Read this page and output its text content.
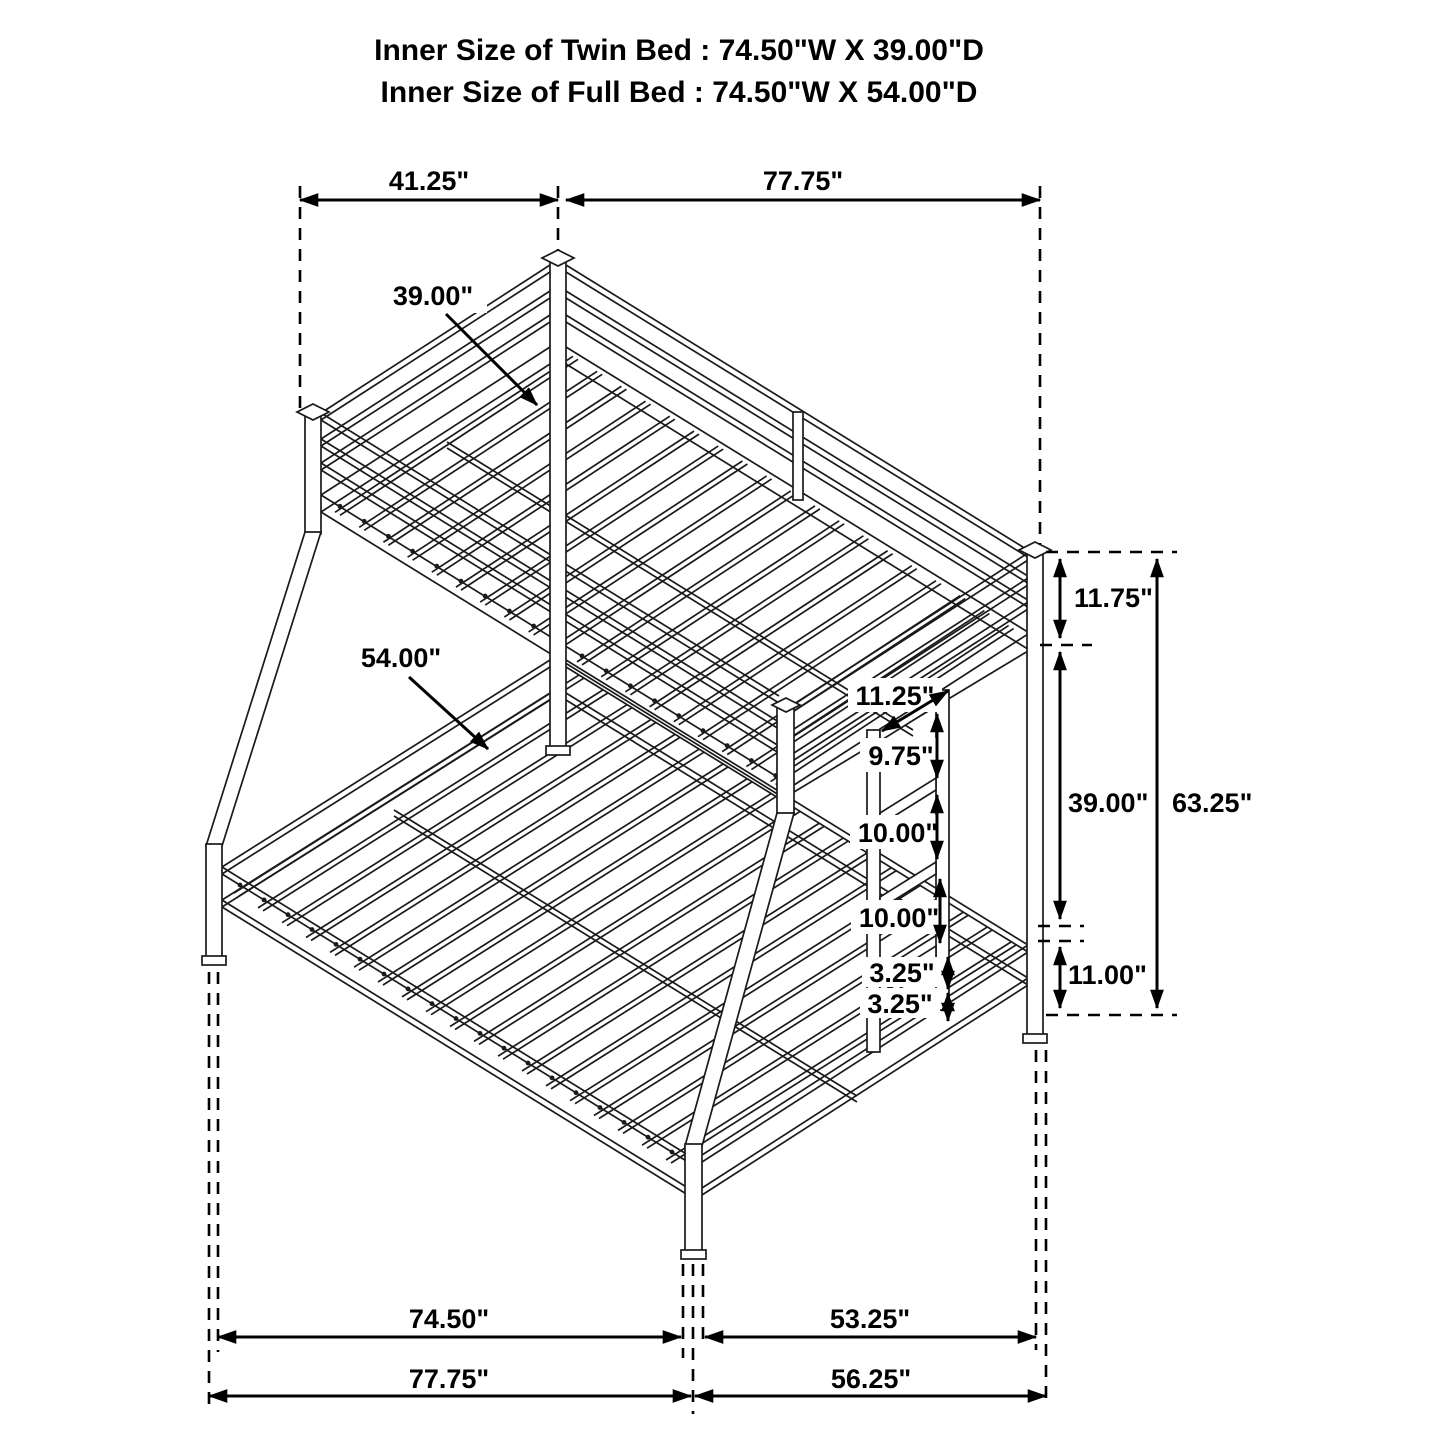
41.25"	77.75"
39.00"
54.00"
11.75"
39.00" 63.25"
11.00"
11.25"
9.75"
10.00"
10.00"
3.25"
3.25"
74.50"	53.25"
77.75"	56.25"
Inner Size of Twin Bed : 74.50"W X 39.00"D
Inner Size of Full Bed : 74.50"W X 54.00"D
